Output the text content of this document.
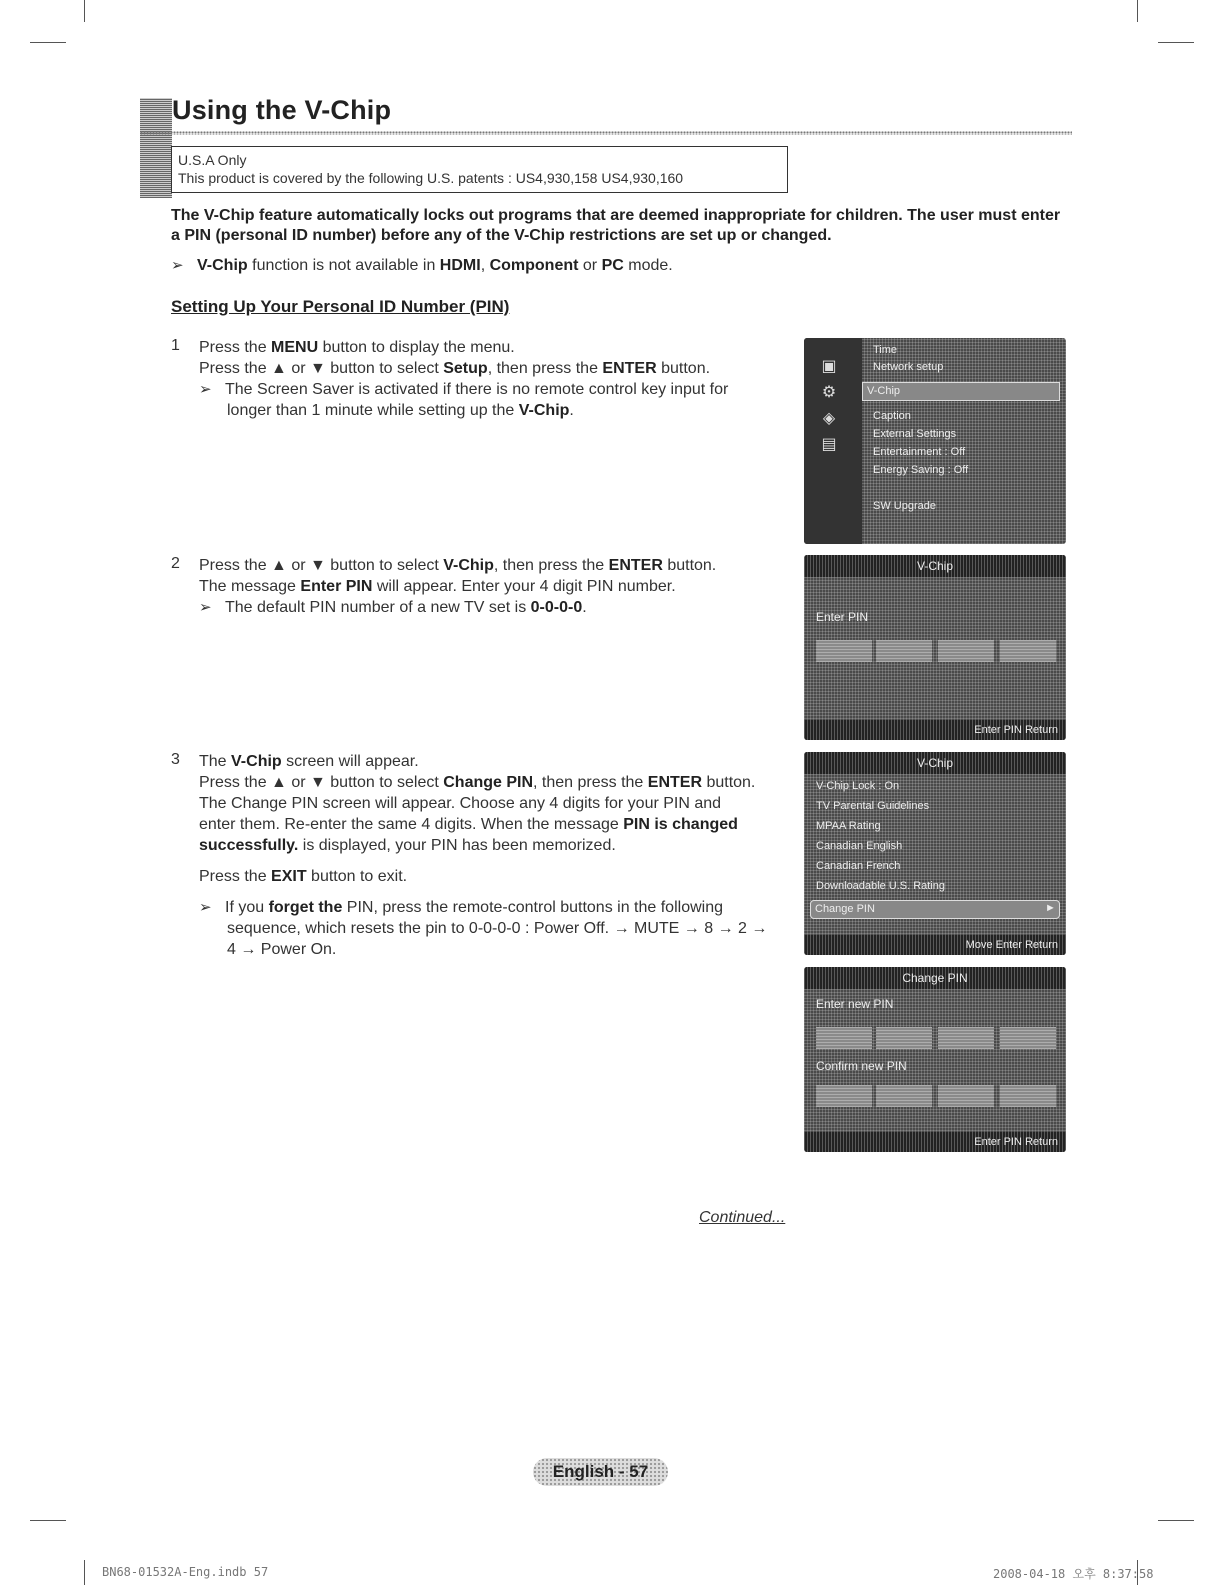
Using the V-Chip
U.S.A Only
This product is covered by the following U.S. patents : US4,930,158 US4,930,160
The V-Chip feature automatically locks out programs that are deemed inappropriate for children. The user must enter a PIN (personal ID number) before any of the V-Chip restrictions are set up or changed.
➢ V-Chip function is not available in HDMI, Component or PC mode.
Setting Up Your Personal ID Number (PIN)
1 Press the MENU button to display the menu.
Press the ▲ or ▼ button to select Setup, then press the ENTER button.
➢ The Screen Saver is activated if there is no remote control key input for
longer than 1 minute while setting up the V-Chip.
2 Press the ▲ or ▼ button to select V-Chip, then press the ENTER button.
The message Enter PIN will appear. Enter your 4 digit PIN number.
➢ The default PIN number of a new TV set is 0-0-0-0.
3 The V-Chip screen will appear.
Press the ▲ or ▼ button to select Change PIN, then press the ENTER button.
The Change PIN screen will appear. Choose any 4 digits for your PIN and
enter them. Re-enter the same 4 digits. When the message PIN is changed
successfully. is displayed, your PIN has been memorized.
Press the EXIT button to exit.
➢ If you forget the PIN, press the remote-control buttons in the following
sequence, which resets the pin to 0-0-0-0 : Power Off. → MUTE → 8 → 2 →
4 → Power On.
▣
⚙
◈
▤
Time
Network setup
V-Chip
Caption
External Settings
Entertainment : Off
Energy Saving : Off
SW Upgrade
V-Chip
Enter PIN
Enter PIN Return
V-Chip
V-Chip Lock : On
TV Parental Guidelines
MPAA Rating
Canadian English
Canadian French
Downloadable U.S. Rating
Change PIN	►
Move Enter Return
Change PIN
Enter new PIN
Confirm new PIN
Enter PIN Return
Continued...
English - 57
BN68-01532A-Eng.indb 57	2008-04-18 오후 8:37:58
